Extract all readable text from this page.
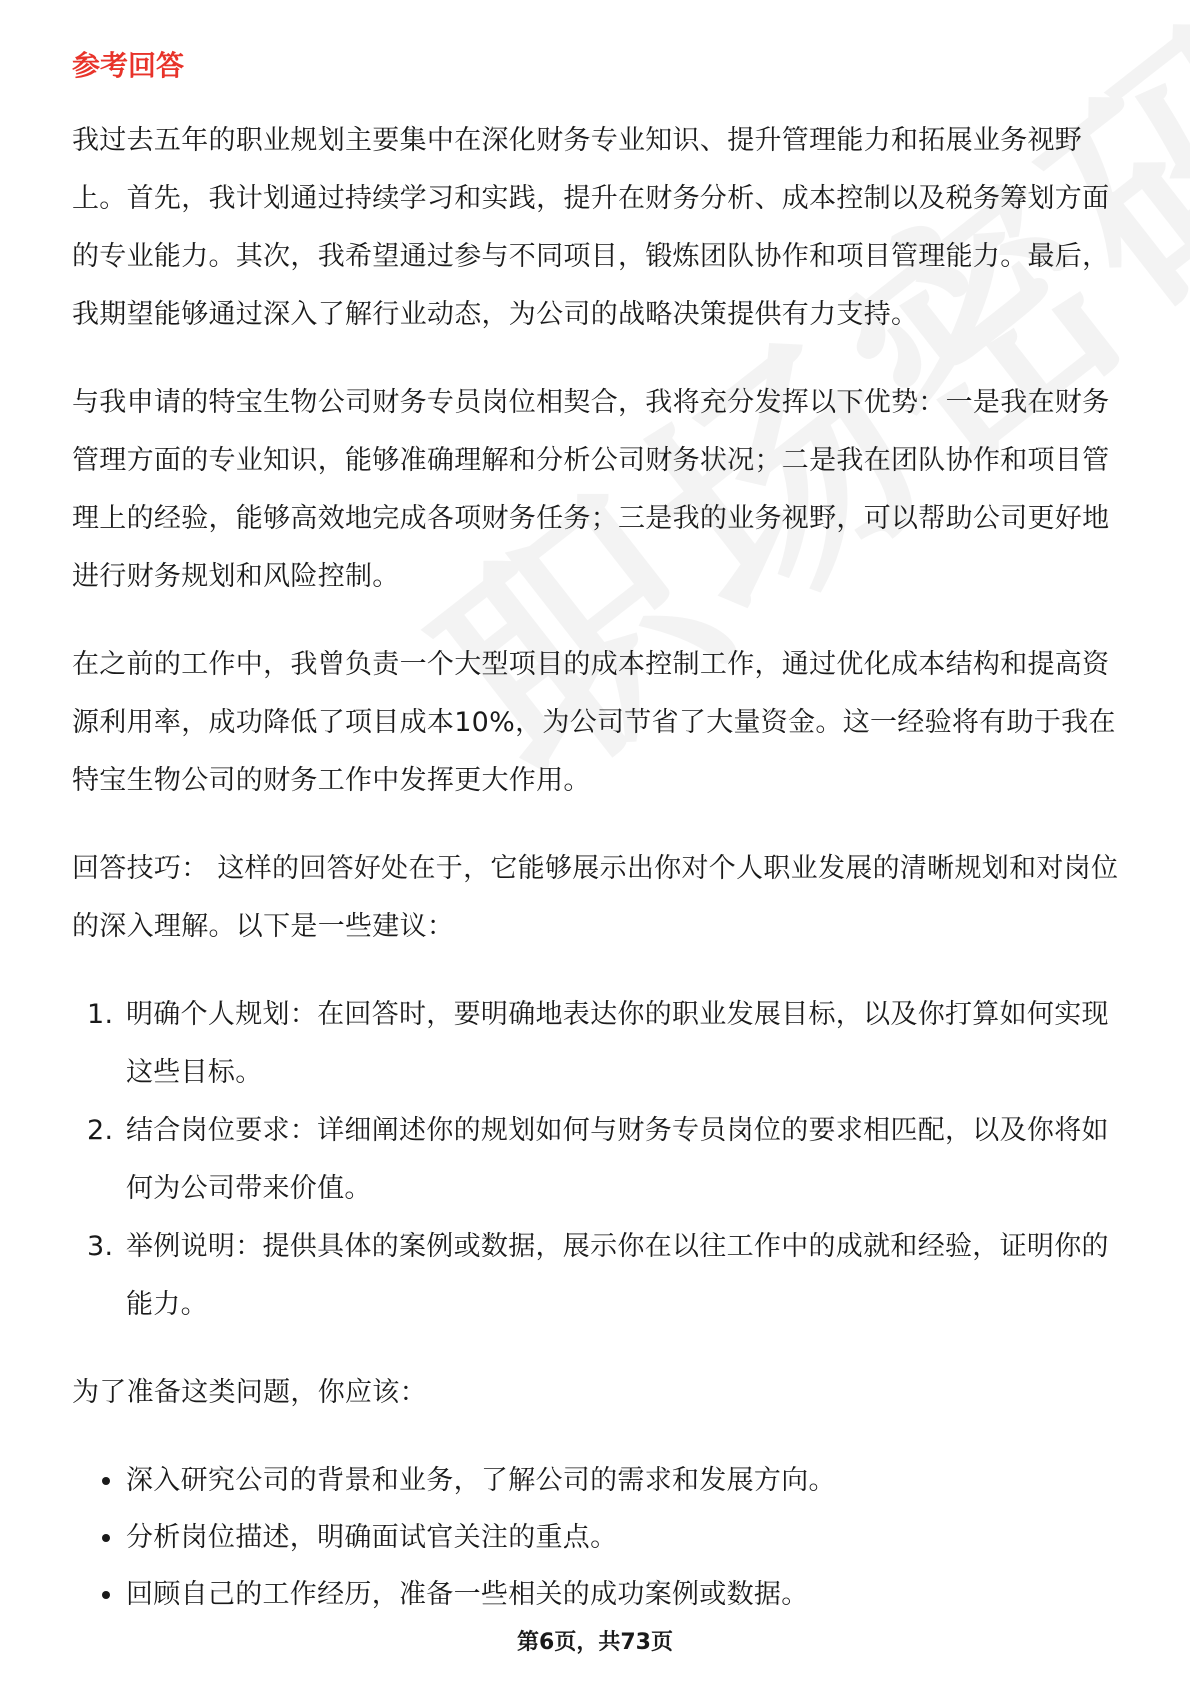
参考回答

我过去五年的职业规划主要集中在深化财务专业知识、提升管理能力和拓展业务视野上。首先，我计划通过持续学习和实践，提升在财务分析、成本控制以及税务筹划方面的专业能力。其次，我希望通过参与不同项目，锻炼团队协作和项目管理能力。最后，我期望能够通过深入了解行业动态，为公司的战略决策提供有力支持。

与我申请的特宝生物公司财务专员岗位相契合，我将充分发挥以下优势：一是我在财务管理方面的专业知识，能够准确理解和分析公司财务状况；二是我在团队协作和项目管理上的经验，能够高效地完成各项财务任务；三是我的业务视野，可以帮助公司更好地进行财务规划和风险控制。

在之前的工作中，我曾负责一个大型项目的成本控制工作，通过优化成本结构和提高资源利用率，成功降低了项目成本10%，为公司节省了大量资金。这一经验将有助于我在特宝生物公司的财务工作中发挥更大作用。

回答技巧： 这样的回答好处在于，它能够展示出你对个人职业发展的清晰规划和对岗位的深入理解。以下是一些建议：

1. 明确个人规划：在回答时，要明确地表达你的职业发展目标，以及你打算如何实现这些目标。
2. 结合岗位要求：详细阐述你的规划如何与财务专员岗位的要求相匹配，以及你将如何为公司带来价值。
3. 举例说明：提供具体的案例或数据，展示你在以往工作中的成就和经验，证明你的能力。

为了准备这类问题，你应该：

深入研究公司的背景和业务，了解公司的需求和发展方向。
分析岗位描述，明确面试官关注的重点。
回顾自己的工作经历，准备一些相关的成功案例或数据。
第6页，共73页
